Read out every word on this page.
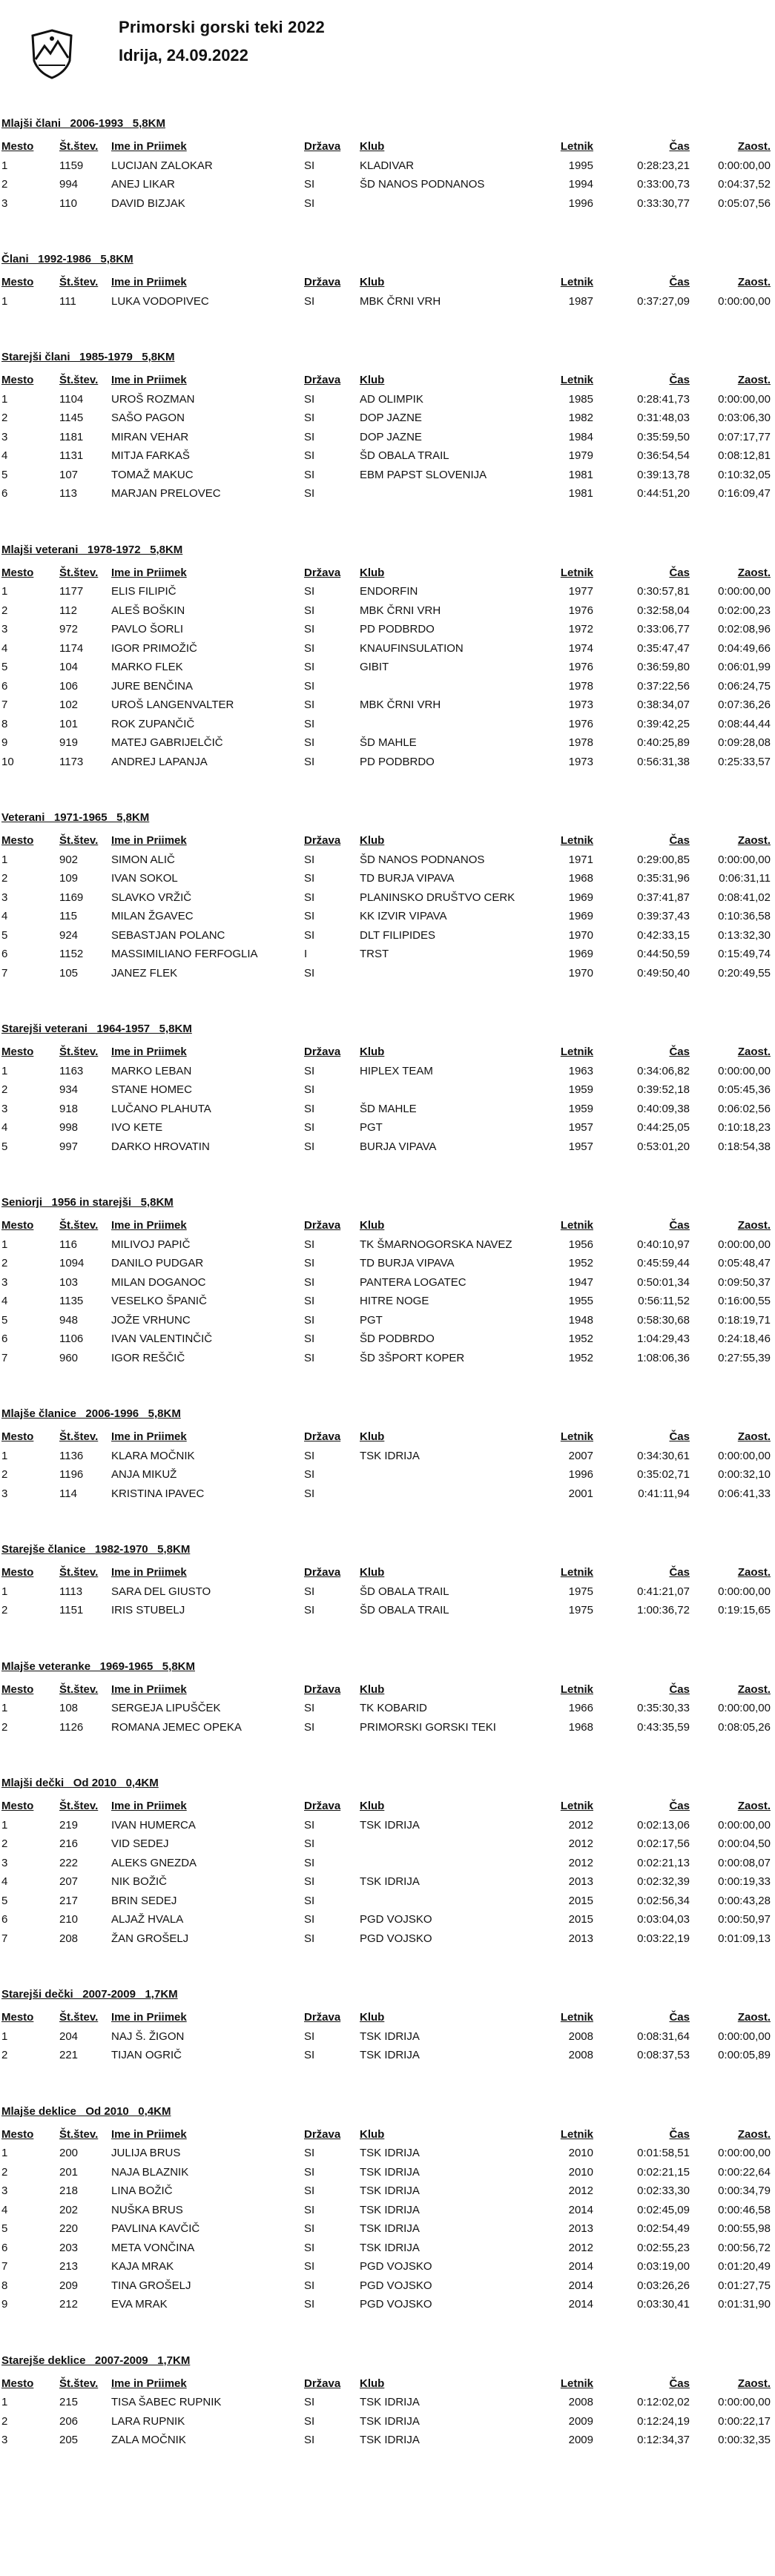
Primorski gorski teki 2022
Idrija, 24.09.2022
Mlajši člani   2006-1993   5,8KM
Mesto	Št.štev.	Ime in Priimek	Država	Klub	Letnik	Čas	Zaost.
1	1159	LUCIJAN ZALOKAR	SI	KLADIVAR	1995	0:28:23,21	0:00:00,00
2	994	ANEJ LIKAR	SI	ŠD NANOS PODNANOS	1994	0:33:00,73	0:04:37,52
3	110	DAVID BIZJAK	SI		1996	0:33:30,77	0:05:07,56
Člani   1992-1986   5,8KM
Mesto	Št.štev.	Ime in Priimek	Država	Klub	Letnik	Čas	Zaost.
1	111	LUKA VODOPIVEC	SI	MBK ČRNI VRH	1987	0:37:27,09	0:00:00,00
Starejši člani   1985-1979   5,8KM
Mesto	Št.štev.	Ime in Priimek	Država	Klub	Letnik	Čas	Zaost.
1	1104	UROŠ ROZMAN	SI	AD OLIMPIK	1985	0:28:41,73	0:00:00,00
2	1145	SAŠO PAGON	SI	DOP JAZNE	1982	0:31:48,03	0:03:06,30
3	1181	MIRAN VEHAR	SI	DOP JAZNE	1984	0:35:59,50	0:07:17,77
4	1131	MITJA FARKAŠ	SI	ŠD OBALA TRAIL	1979	0:36:54,54	0:08:12,81
5	107	TOMAŽ MAKUC	SI	EBM PAPST SLOVENIJA	1981	0:39:13,78	0:10:32,05
6	113	MARJAN PRELOVEC	SI		1981	0:44:51,20	0:16:09,47
Mlajši veterani   1978-1972   5,8KM
Mesto	Št.štev.	Ime in Priimek	Država	Klub	Letnik	Čas	Zaost.
1	1177	ELIS FILIPIČ	SI	ENDORFIN	1977	0:30:57,81	0:00:00,00
2	112	ALEŠ BOŠKIN	SI	MBK ČRNI VRH	1976	0:32:58,04	0:02:00,23
3	972	PAVLO ŠORLI	SI	PD PODBRDO	1972	0:33:06,77	0:02:08,96
4	1174	IGOR PRIMOŽIČ	SI	KNAUFINSULATION	1974	0:35:47,47	0:04:49,66
5	104	MARKO FLEK	SI	GIBIT	1976	0:36:59,80	0:06:01,99
6	106	JURE BENČINA	SI		1978	0:37:22,56	0:06:24,75
7	102	UROŠ LANGENVALTER	SI	MBK ČRNI VRH	1973	0:38:34,07	0:07:36,26
8	101	ROK ZUPANČIČ	SI		1976	0:39:42,25	0:08:44,44
9	919	MATEJ GABRIJELČIČ	SI	ŠD MAHLE	1978	0:40:25,89	0:09:28,08
10	1173	ANDREJ LAPANJA	SI	PD PODBRDO	1973	0:56:31,38	0:25:33,57
Veterani   1971-1965   5,8KM
Mesto	Št.štev.	Ime in Priimek	Država	Klub	Letnik	Čas	Zaost.
1	902	SIMON ALIČ	SI	ŠD NANOS PODNANOS	1971	0:29:00,85	0:00:00,00
2	109	IVAN SOKOL	SI	TD BURJA VIPAVA	1968	0:35:31,96	0:06:31,11
3	1169	SLAVKO VRŽIČ	SI	PLANINSKO DRUŠTVO CERK	1969	0:37:41,87	0:08:41,02
4	115	MILAN ŽGAVEC	SI	KK IZVIR VIPAVA	1969	0:39:37,43	0:10:36,58
5	924	SEBASTJAN POLANC	SI	DLT FILIPIDES	1970	0:42:33,15	0:13:32,30
6	1152	MASSIMILIANO FERFOGLIA	I	TRST	1969	0:44:50,59	0:15:49,74
7	105	JANEZ FLEK	SI		1970	0:49:50,40	0:20:49,55
Starejši veterani   1964-1957   5,8KM
Mesto	Št.štev.	Ime in Priimek	Država	Klub	Letnik	Čas	Zaost.
1	1163	MARKO LEBAN	SI	HIPLEX TEAM	1963	0:34:06,82	0:00:00,00
2	934	STANE HOMEC	SI		1959	0:39:52,18	0:05:45,36
3	918	LUČANO PLAHUTA	SI	ŠD MAHLE	1959	0:40:09,38	0:06:02,56
4	998	IVO KETE	SI	PGT	1957	0:44:25,05	0:10:18,23
5	997	DARKO HROVATIN	SI	BURJA VIPAVA	1957	0:53:01,20	0:18:54,38
Seniorji   1956 in starejši   5,8KM
Mesto	Št.štev.	Ime in Priimek	Država	Klub	Letnik	Čas	Zaost.
1	116	MILIVOJ PAPIČ	SI	TK ŠMARNOGORSKA NAVEZ	1956	0:40:10,97	0:00:00,00
2	1094	DANILO PUDGAR	SI	TD BURJA VIPAVA	1952	0:45:59,44	0:05:48,47
3	103	MILAN DOGANOC	SI	PANTERA LOGATEC	1947	0:50:01,34	0:09:50,37
4	1135	VESELKO ŠPANIČ	SI	HITRE NOGE	1955	0:56:11,52	0:16:00,55
5	948	JOŽE VRHUNC	SI	PGT	1948	0:58:30,68	0:18:19,71
6	1106	IVAN VALENTINČIČ	SI	ŠD PODBRDO	1952	1:04:29,43	0:24:18,46
7	960	IGOR REŠČIČ	SI	ŠD 3ŠPORT KOPER	1952	1:08:06,36	0:27:55,39
Mlajše članice   2006-1996   5,8KM
Mesto	Št.štev.	Ime in Priimek	Država	Klub	Letnik	Čas	Zaost.
1	1136	KLARA MOČNIK	SI	TSK IDRIJA	2007	0:34:30,61	0:00:00,00
2	1196	ANJA MIKUŽ	SI		1996	0:35:02,71	0:00:32,10
3	114	KRISTINA IPAVEC	SI		2001	0:41:11,94	0:06:41,33
Starejše članice   1982-1970   5,8KM
Mesto	Št.štev.	Ime in Priimek	Država	Klub	Letnik	Čas	Zaost.
1	1113	SARA DEL GIUSTO	SI	ŠD OBALA TRAIL	1975	0:41:21,07	0:00:00,00
2	1151	IRIS STUBELJ	SI	ŠD OBALA TRAIL	1975	1:00:36,72	0:19:15,65
Mlajše veteranke   1969-1965   5,8KM
Mesto	Št.štev.	Ime in Priimek	Država	Klub	Letnik	Čas	Zaost.
1	108	SERGEJA LIPUŠČEK	SI	TK KOBARID	1966	0:35:30,33	0:00:00,00
2	1126	ROMANA JEMEC OPEKA	SI	PRIMORSKI GORSKI TEKI	1968	0:43:35,59	0:08:05,26
Mlajši dečki   Od 2010   0,4KM
Mesto	Št.štev.	Ime in Priimek	Država	Klub	Letnik	Čas	Zaost.
1	219	IVAN HUMERCA	SI	TSK IDRIJA	2012	0:02:13,06	0:00:00,00
2	216	VID SEDEJ	SI		2012	0:02:17,56	0:00:04,50
3	222	ALEKS GNEZDA	SI		2012	0:02:21,13	0:00:08,07
4	207	NIK BOŽIČ	SI	TSK IDRIJA	2013	0:02:32,39	0:00:19,33
5	217	BRIN SEDEJ	SI		2015	0:02:56,34	0:00:43,28
6	210	ALJAŽ HVALA	SI	PGD VOJSKO	2015	0:03:04,03	0:00:50,97
7	208	ŽAN GROŠELJ	SI	PGD VOJSKO	2013	0:03:22,19	0:01:09,13
Starejši dečki   2007-2009   1,7KM
Mesto	Št.štev.	Ime in Priimek	Država	Klub	Letnik	Čas	Zaost.
1	204	NAJ Š. ŽIGON	SI	TSK IDRIJA	2008	0:08:31,64	0:00:00,00
2	221	TIJAN OGRIČ	SI	TSK IDRIJA	2008	0:08:37,53	0:00:05,89
Mlajše deklice   Od 2010   0,4KM
Mesto	Št.štev.	Ime in Priimek	Država	Klub	Letnik	Čas	Zaost.
1	200	JULIJA BRUS	SI	TSK IDRIJA	2010	0:01:58,51	0:00:00,00
2	201	NAJA BLAZNIK	SI	TSK IDRIJA	2010	0:02:21,15	0:00:22,64
3	218	LINA BOŽIČ	SI	TSK IDRIJA	2012	0:02:33,30	0:00:34,79
4	202	NUŠKA BRUS	SI	TSK IDRIJA	2014	0:02:45,09	0:00:46,58
5	220	PAVLINA KAVČIČ	SI	TSK IDRIJA	2013	0:02:54,49	0:00:55,98
6	203	META VONČINA	SI	TSK IDRIJA	2012	0:02:55,23	0:00:56,72
7	213	KAJA MRAK	SI	PGD VOJSKO	2014	0:03:19,00	0:01:20,49
8	209	TINA GROŠELJ	SI	PGD VOJSKO	2014	0:03:26,26	0:01:27,75
9	212	EVA MRAK	SI	PGD VOJSKO	2014	0:03:30,41	0:01:31,90
Starejše deklice   2007-2009   1,7KM
Mesto	Št.štev.	Ime in Priimek	Država	Klub	Letnik	Čas	Zaost.
1	215	TISA ŠABEC RUPNIK	SI	TSK IDRIJA	2008	0:12:02,02	0:00:00,00
2	206	LARA RUPNIK	SI	TSK IDRIJA	2009	0:12:24,19	0:00:22,17
3	205	ZALA MOČNIK	SI	TSK IDRIJA	2009	0:12:34,37	0:00:32,35
